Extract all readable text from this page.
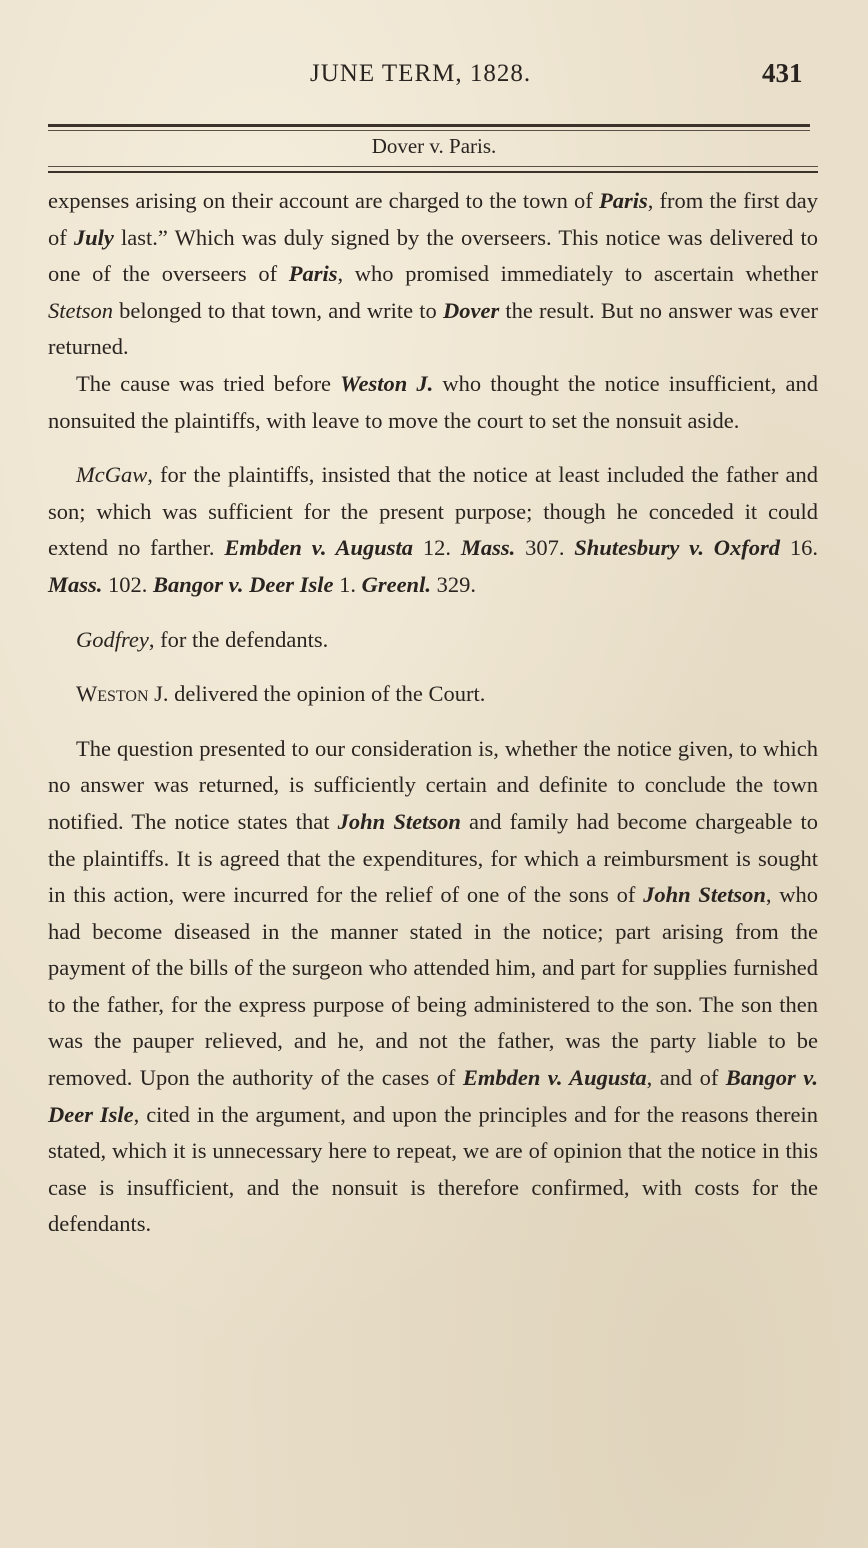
JUNE TERM, 1828.	431
Dover v. Paris.

expenses arising on their account are charged to the town of Paris, from the first day of July last.” Which was duly signed by the overseers. This notice was delivered to one of the overseers of Paris, who promised immediately to ascertain whether Stetson belonged to that town, and write to Dover the result. But no answer was ever returned.

The cause was tried before Weston J. who thought the notice insufficient, and nonsuited the plaintiffs, with leave to move the court to set the nonsuit aside.

McGaw, for the plaintiffs, insisted that the notice at least included the father and son; which was sufficient for the present purpose; though he conceded it could extend no farther. Embden v. Augusta 12. Mass. 307. Shutesbury v. Oxford 16. Mass. 102. Bangor v. Deer Isle 1. Greenl. 329.

Godfrey, for the defendants.

Weston J. delivered the opinion of the Court.

The question presented to our consideration is, whether the notice given, to which no answer was returned, is sufficiently certain and definite to conclude the town notified. The notice states that John Stetson and family had become chargeable to the plaintiffs. It is agreed that the expenditures, for which a reimbursment is sought in this action, were incurred for the relief of one of the sons of John Stetson, who had become diseased in the manner stated in the notice; part arising from the payment of the bills of the surgeon who attended him, and part for supplies furnished to the father, for the express purpose of being administered to the son. The son then was the pauper relieved, and he, and not the father, was the party liable to be removed. Upon the authority of the cases of Embden v. Augusta, and of Bangor v. Deer Isle, cited in the argument, and upon the principles and for the reasons therein stated, which it is unnecessary here to repeat, we are of opinion that the notice in this case is insufficient, and the nonsuit is therefore confirmed, with costs for the defendants.
